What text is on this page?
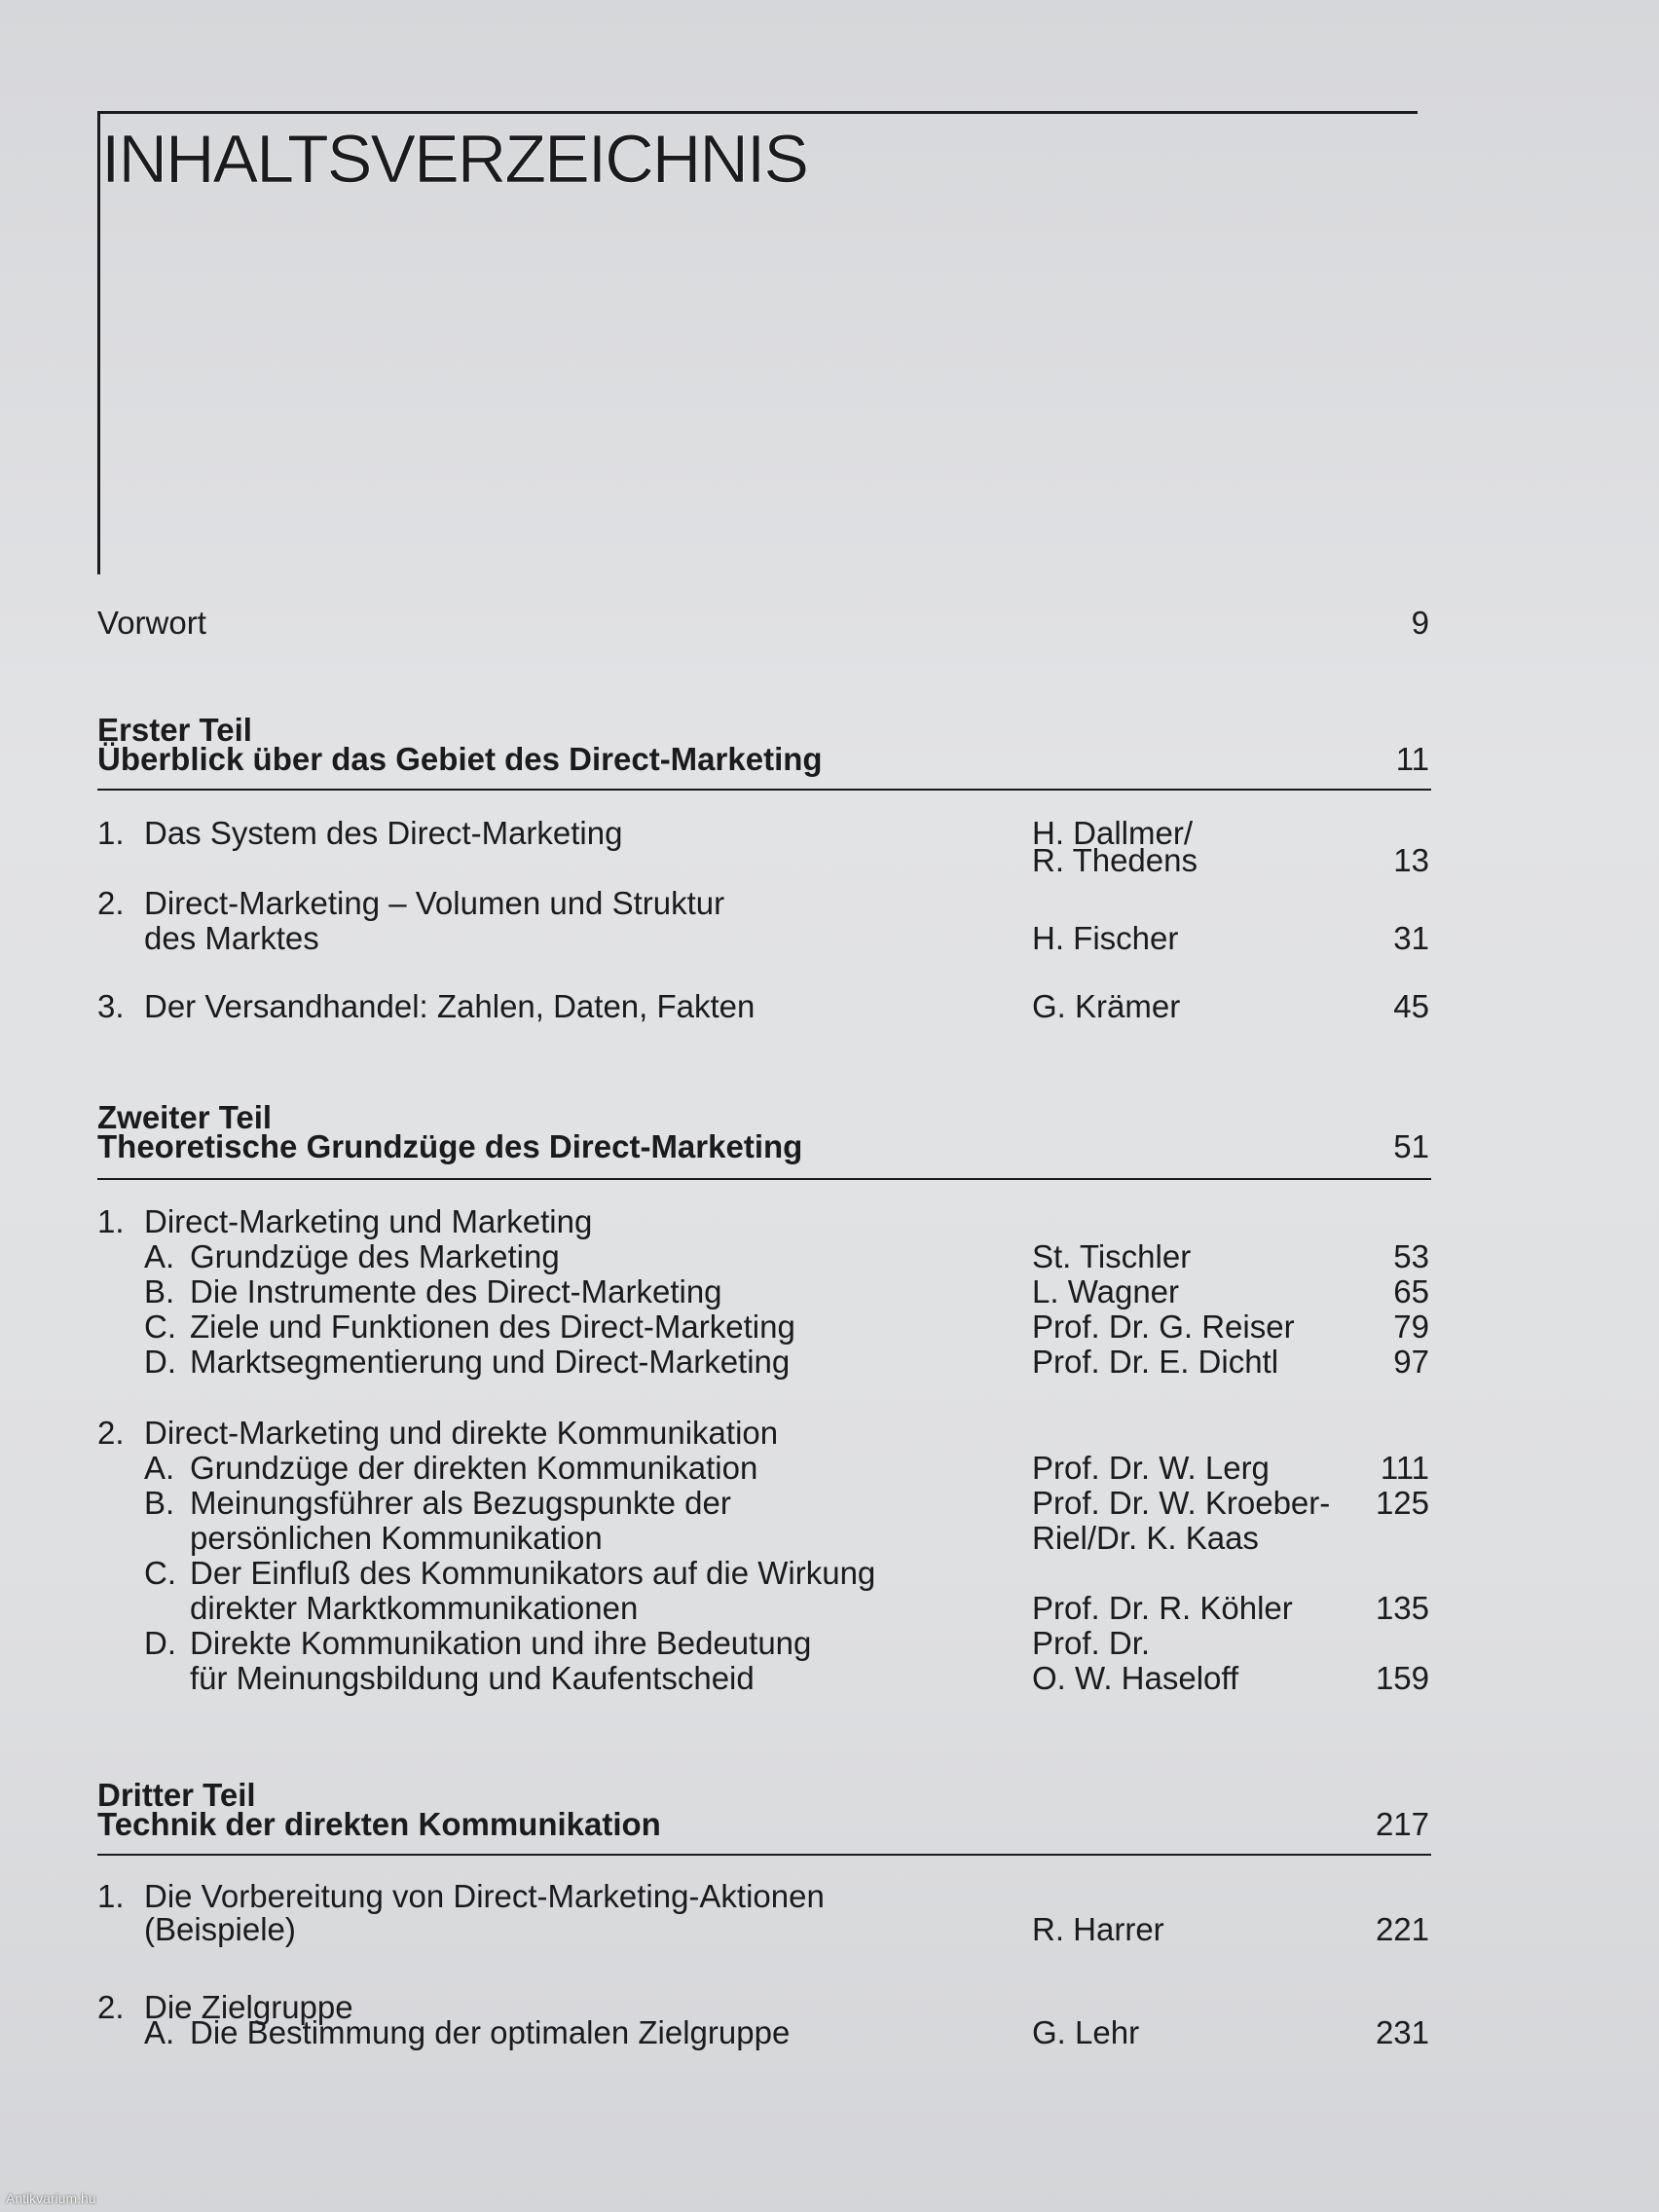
INHALTSVERZEICHNIS
Vorwort	9
Erster Teil
Überblick über das Gebiet des Direct-Marketing	11
1. Das System des Direct-Marketing	H. Dallmer/
R. Thedens	13
2. Direct-Marketing – Volumen und Struktur
des Marktes	H. Fischer	31
3. Der Versandhandel: Zahlen, Daten, Fakten	G. Krämer	45
Zweiter Teil
Theoretische Grundzüge des Direct-Marketing	51
1. Direct-Marketing und Marketing
A. Grundzüge des Marketing	St. Tischler	53
B. Die Instrumente des Direct-Marketing	L. Wagner	65
C. Ziele und Funktionen des Direct-Marketing	Prof. Dr. G. Reiser	79
D. Marktsegmentierung und Direct-Marketing	Prof. Dr. E. Dichtl	97
2. Direct-Marketing und direkte Kommunikation
A. Grundzüge der direkten Kommunikation	Prof. Dr. W. Lerg	111
B. Meinungsführer als Bezugspunkte der	Prof. Dr. W. Kroeber- 125
persönlichen Kommunikation	Riel/Dr. K. Kaas
C. Der Einfluß des Kommunikators auf die Wirkung
direkter Marktkommunikationen	Prof. Dr. R. Köhler	135
D. Direkte Kommunikation und ihre Bedeutung	Prof. Dr.
für Meinungsbildung und Kaufentscheid	O. W. Haseloff	159
Dritter Teil
Technik der direkten Kommunikation	217
1. Die Vorbereitung von Direct-Marketing-Aktionen
(Beispiele)	R. Harrer	221
2. Die Zielgruppe
A. Die Bestimmung der optimalen Zielgruppe	G. Lehr	231
Antikvarium.hu
